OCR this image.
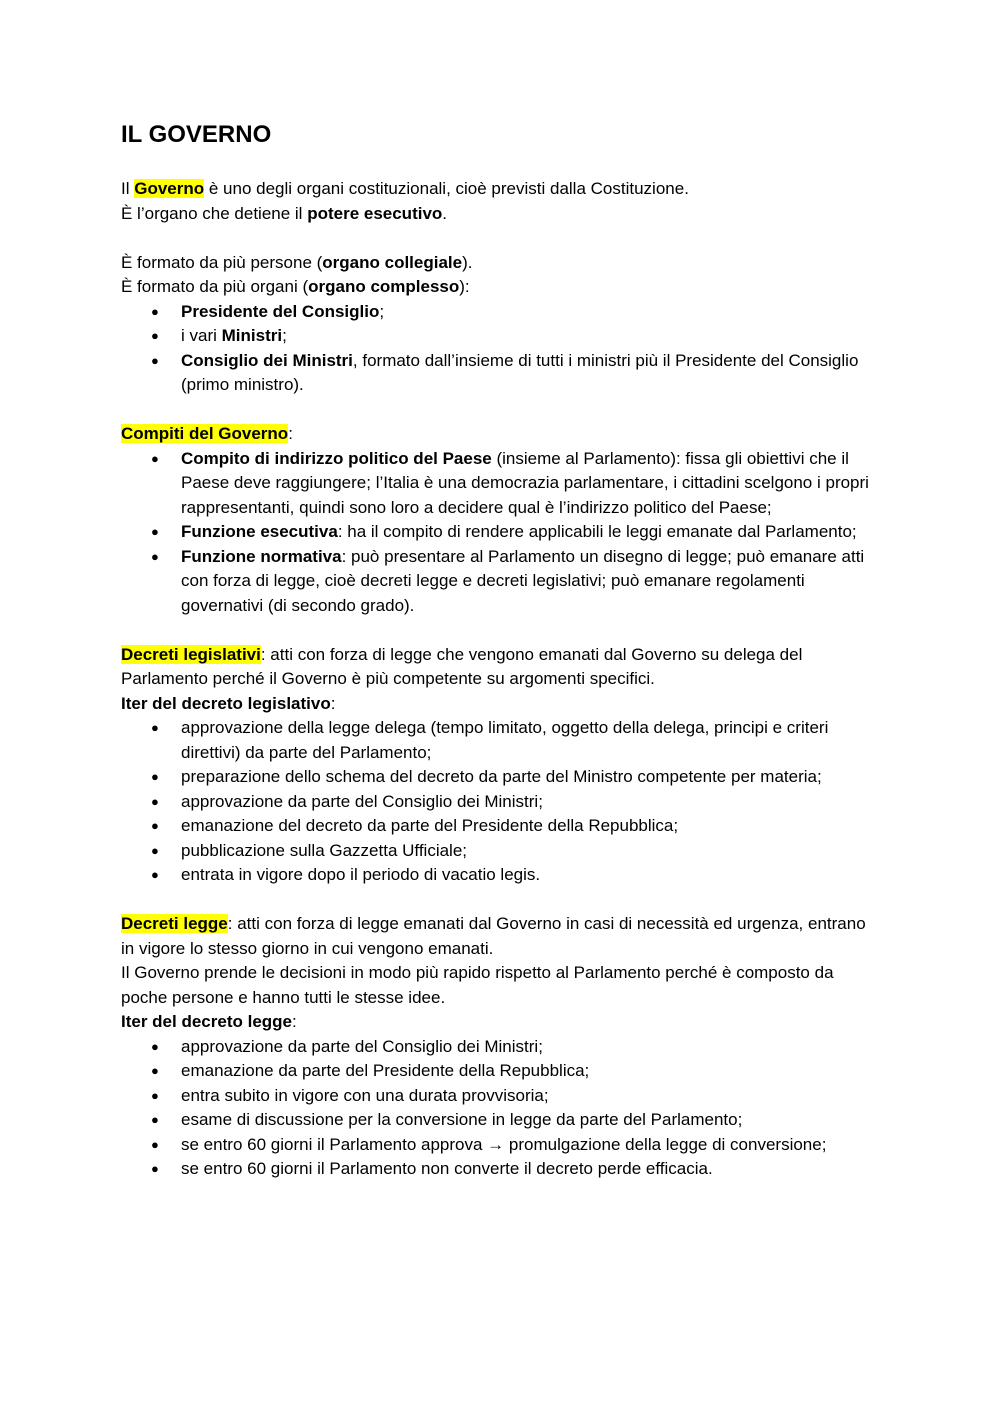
IL GOVERNO

Il Governo è uno degli organi costituzionali, cioè previsti dalla Costituzione.

È l’organo che detiene il potere esecutivo.

È formato da più persone (organo collegiale).

È formato da più organi (organo complesso):

● Presidente del Consiglio;
● i vari Ministri;
● Consiglio dei Ministri, formato dall’insieme di tutti i ministri più il Presidente del Consiglio (primo ministro).

Compiti del Governo:

● Compito di indirizzo politico del Paese (insieme al Parlamento): fissa gli obiettivi che il Paese deve raggiungere; l’Italia è una democrazia parlamentare, i cittadini scelgono i propri rappresentanti, quindi sono loro a decidere qual è l’indirizzo politico del Paese;
● Funzione esecutiva: ha il compito di rendere applicabili le leggi emanate dal Parlamento;
● Funzione normativa: può presentare al Parlamento un disegno di legge; può emanare atti con forza di legge, cioè decreti legge e decreti legislativi; può emanare regolamenti governativi (di secondo grado).

Decreti legislativi: atti con forza di legge che vengono emanati dal Governo su delega del Parlamento perché il Governo è più competente su argomenti specifici.

Iter del decreto legislativo:

● approvazione della legge delega (tempo limitato, oggetto della delega, principi e criteri direttivi) da parte del Parlamento;
● preparazione dello schema del decreto da parte del Ministro competente per materia;
● approvazione da parte del Consiglio dei Ministri;
● emanazione del decreto da parte del Presidente della Repubblica;
● pubblicazione sulla Gazzetta Ufficiale;
● entrata in vigore dopo il periodo di vacatio legis.

Decreti legge: atti con forza di legge emanati dal Governo in casi di necessità ed urgenza, entrano in vigore lo stesso giorno in cui vengono emanati.

Il Governo prende le decisioni in modo più rapido rispetto al Parlamento perché è composto da poche persone e hanno tutti le stesse idee.

Iter del decreto legge:

● approvazione da parte del Consiglio dei Ministri;
● emanazione da parte del Presidente della Repubblica;
● entra subito in vigore con una durata provvisoria;
● esame di discussione per la conversione in legge da parte del Parlamento;
● se entro 60 giorni il Parlamento approva → promulgazione della legge di conversione;
● se entro 60 giorni il Parlamento non converte il decreto perde efficacia.
